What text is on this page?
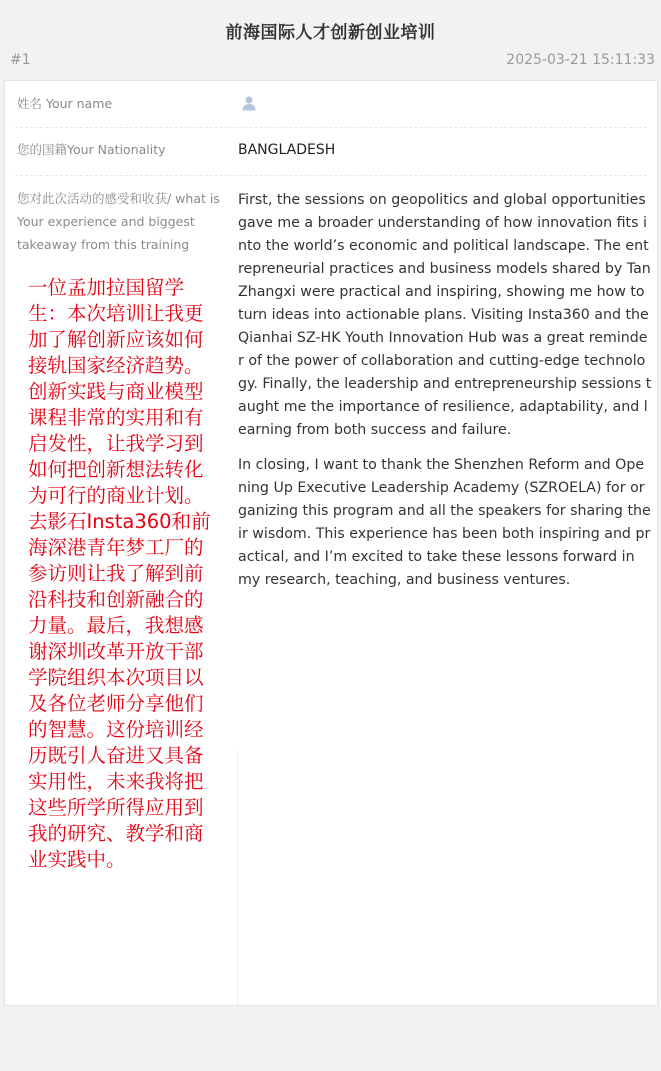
前海国际人才创新创业培训
#1	2025-03-21 15:11:33
姓名 Your name
您的国籍Your Nationality	BANGLADESH
您对此次活动的感受和收获/ what is Your experience and biggest takeaway from this training

First, the sessions on geopolitics and global opportunities gave me a broader understanding of how innovation fits into the world’s economic and political landscape. The entrepreneurial practices and business models shared by Tan Zhangxi were practical and inspiring, showing me how to turn ideas into actionable plans. Visiting Insta360 and the Qianhai SZ-HK Youth Innovation Hub was a great reminder of the power of collaboration and cutting-edge technology. Finally, the leadership and entrepreneurship sessions taught me the importance of resilience, adaptability, and learning from both success and failure.

In closing, I want to thank the Shenzhen Reform and Opening Up Executive Leadership Academy (SZROELA) for organizing this program and all the speakers for sharing their wisdom. This experience has been both inspiring and practical, and I’m excited to take these lessons forward in my research, teaching, and business ventures.

一位孟加拉国留学生：本次培训让我更加了解创新应该如何接轨国家经济趋势。创新实践与商业模型课程非常的实用和有启发性，让我学习到如何把创新想法转化为可行的商业计划。去影石Insta360和前海深港青年梦工厂的参访则让我了解到前沿科技和创新融合的力量。最后，我想感谢深圳改革开放干部学院组织本次项目以及各位老师分享他们的智慧。这份培训经历既引人奋进又具备实用性，未来我将把这些所学所得应用到我的研究、教学和商业实践中。
